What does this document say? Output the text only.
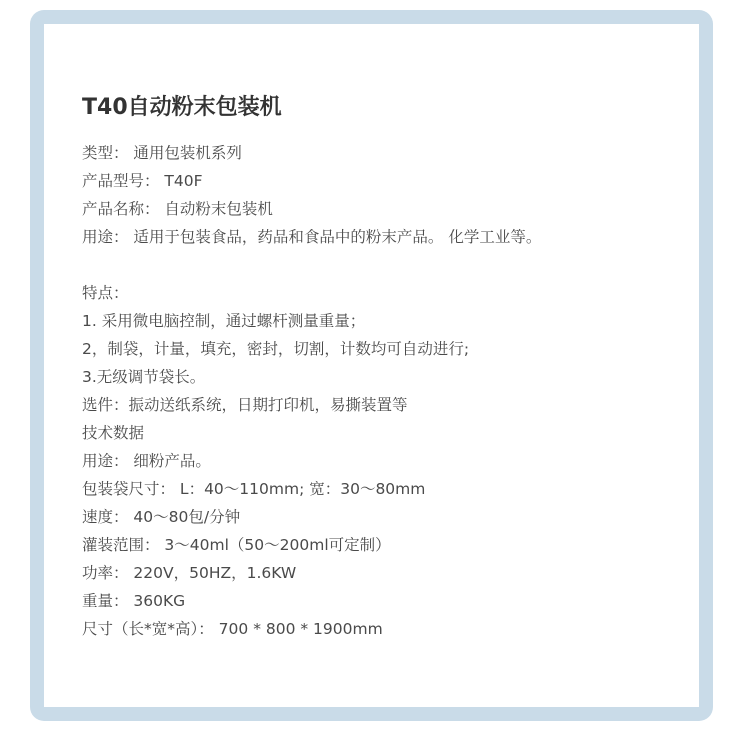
T40自动粉末包装机
类型： 通用包装机系列
产品型号： T40F
产品名称： 自动粉末包装机
用途： 适用于包装食品，药品和食品中的粉末产品。 化学工业等。
特点：
1. 采用微电脑控制，通过螺杆测量重量；
2，制袋，计量，填充，密封，切割，计数均可自动进行;
3.无级调节袋长。
选件：振动送纸系统，日期打印机，易撕装置等
技术数据
用途： 细粉产品。
包装袋尺寸： L：40～110mm; 宽：30～80mm
速度： 40～80包/分钟
灌装范围： 3～40ml（50～200ml可定制）
功率： 220V，50HZ，1.6KW
重量： 360KG
尺寸（长*宽*高）： 700 * 800 * 1900mm
